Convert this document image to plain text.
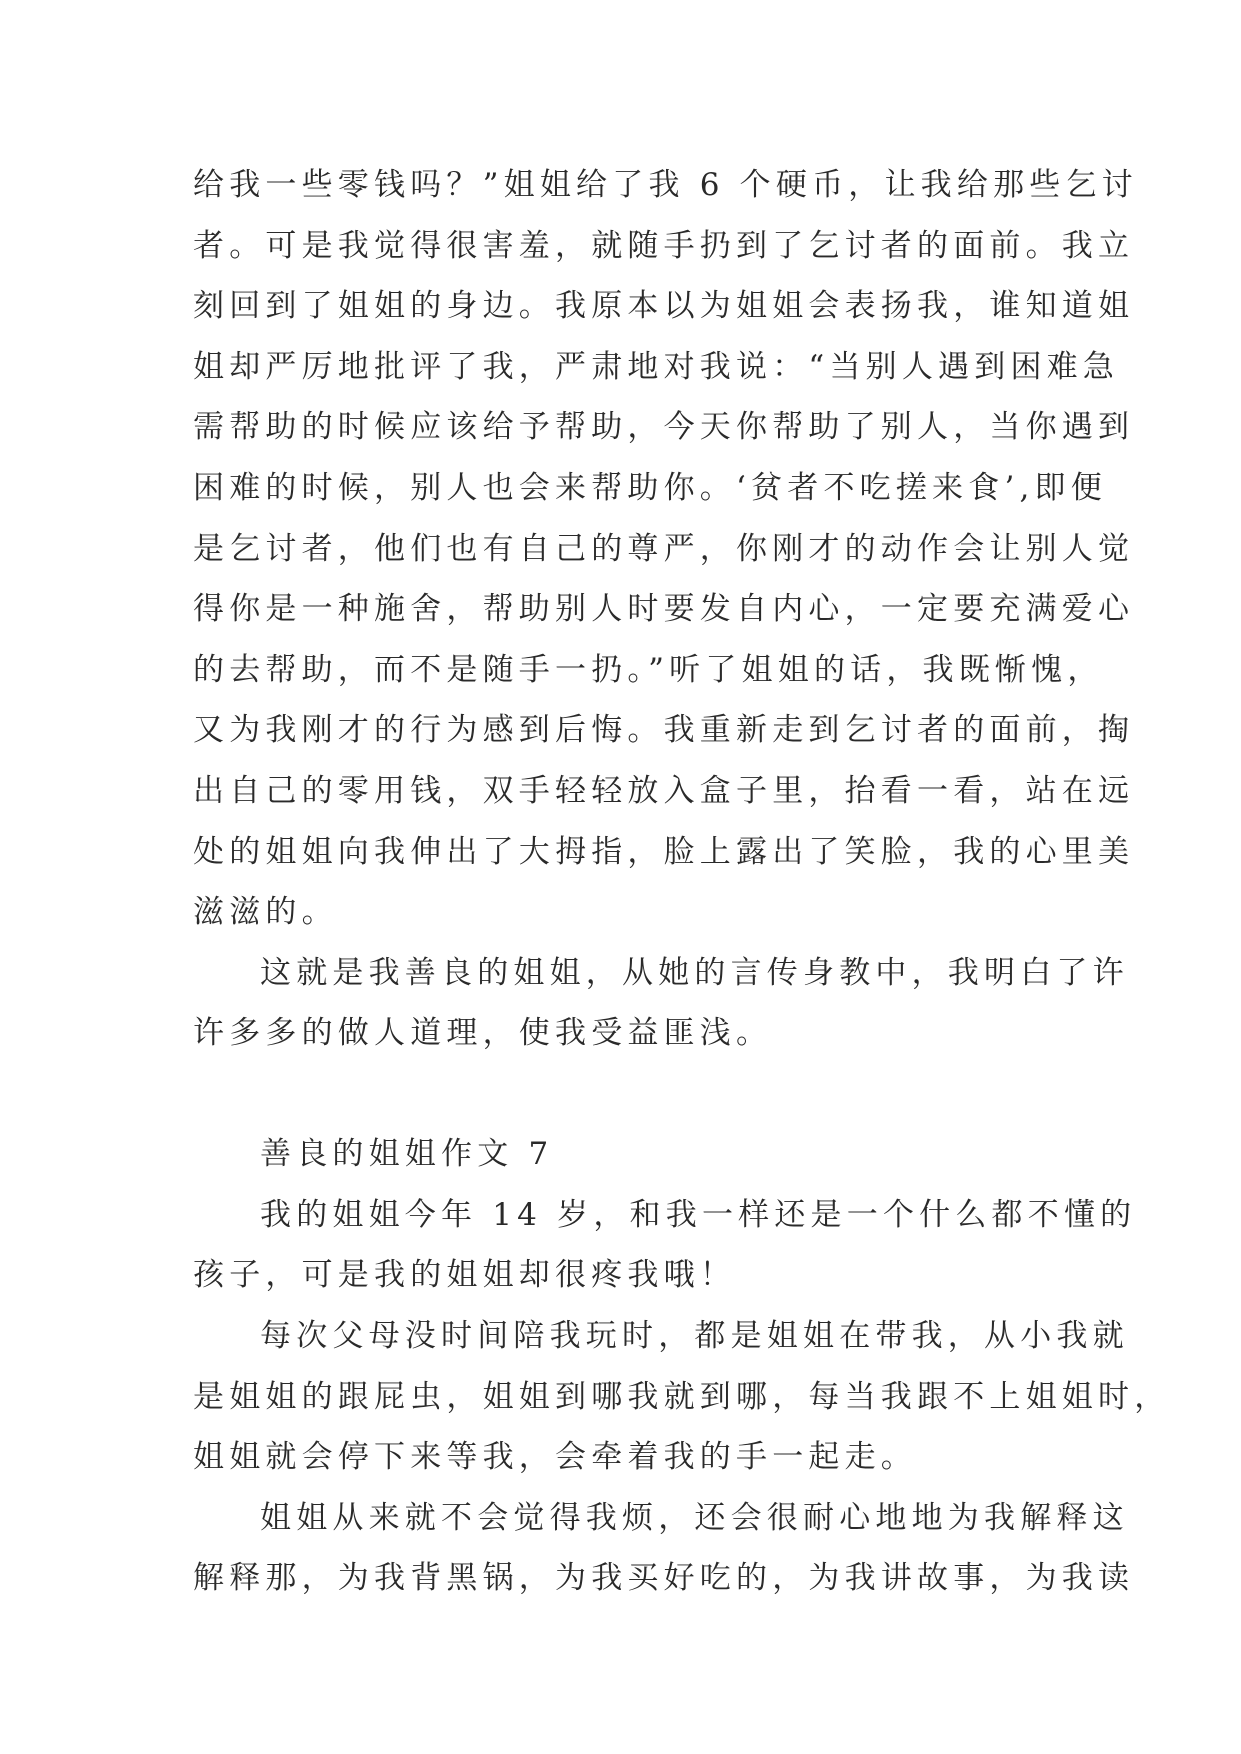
给我一些零钱吗？”姐姐给了我 6 个硬币，让我给那些乞讨

者。可是我觉得很害羞，就随手扔到了乞讨者的面前。我立

刻回到了姐姐的身边。我原本以为姐姐会表扬我，谁知道姐

姐却严厉地批评了我，严肃地对我说：“当别人遇到困难急

需帮助的时候应该给予帮助，今天你帮助了别人，当你遇到

困难的时候，别人也会来帮助你。‘贫者不吃搓来食’,即便

是乞讨者，他们也有自己的尊严，你刚才的动作会让别人觉

得你是一种施舍，帮助别人时要发自内心，一定要充满爱心

的去帮助，而不是随手一扔。”听了姐姐的话，我既惭愧，

又为我刚才的行为感到后悔。我重新走到乞讨者的面前，掏

出自己的零用钱，双手轻轻放入盒子里，抬看一看，站在远

处的姐姐向我伸出了大拇指，脸上露出了笑脸，我的心里美

滋滋的。

这就是我善良的姐姐，从她的言传身教中，我明白了许

许多多的做人道理，使我受益匪浅。

善良的姐姐作文 7

我的姐姐今年 14 岁，和我一样还是一个什么都不懂的

孩子，可是我的姐姐却很疼我哦！

每次父母没时间陪我玩时，都是姐姐在带我，从小我就

是姐姐的跟屁虫，姐姐到哪我就到哪，每当我跟不上姐姐时，

姐姐就会停下来等我，会牵着我的手一起走。

姐姐从来就不会觉得我烦，还会很耐心地地为我解释这

解释那，为我背黑锅，为我买好吃的，为我讲故事，为我读
